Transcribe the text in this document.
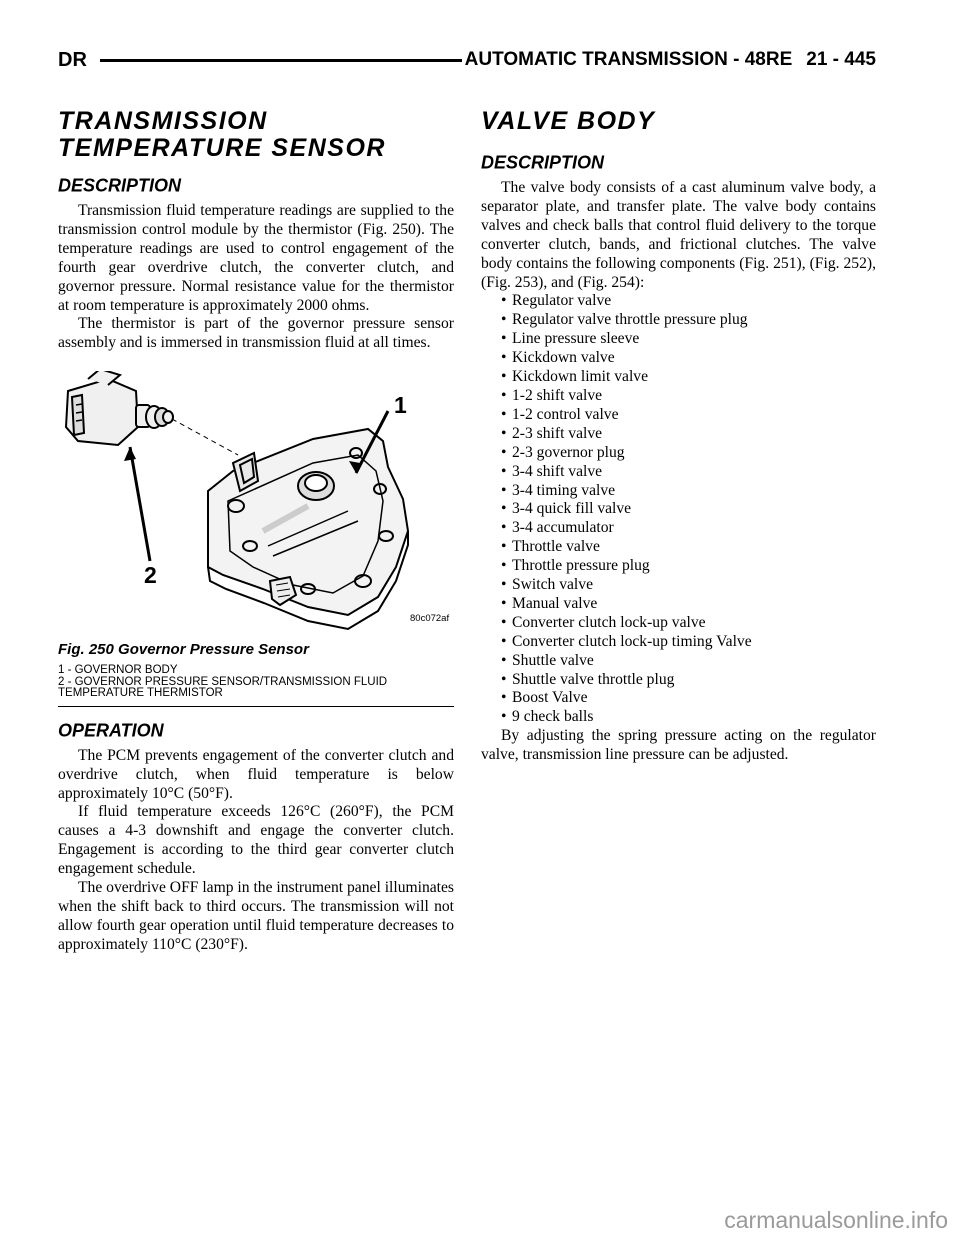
DR	AUTOMATIC TRANSMISSION - 48RE 21 - 445
TRANSMISSION
TEMPERATURE SENSOR
DESCRIPTION

Transmission fluid temperature readings are supplied to the transmission control module by the thermistor (Fig. 250). The temperature readings are used to control engagement of the fourth gear overdrive clutch, the converter clutch, and governor pressure. Normal resistance value for the thermistor at room temperature is approximately 2000 ohms.

The thermistor is part of the governor pressure sensor assembly and is immersed in transmission fluid at all times.

1
2
80c072af
Fig. 250 Governor Pressure Sensor
1 - GOVERNOR BODY
2 - GOVERNOR PRESSURE SENSOR/TRANSMISSION FLUID TEMPERATURE THERMISTOR
OPERATION

The PCM prevents engagement of the converter clutch and overdrive clutch, when fluid temperature is below approximately 10°C (50°F).

If fluid temperature exceeds 126°C (260°F), the PCM causes a 4-3 downshift and engage the converter clutch. Engagement is according to the third gear converter clutch engagement schedule.

The overdrive OFF lamp in the instrument panel illuminates when the shift back to third occurs. The transmission will not allow fourth gear operation until fluid temperature decreases to approximately 110°C (230°F).

VALVE BODY
DESCRIPTION

The valve body consists of a cast aluminum valve body, a separator plate, and transfer plate. The valve body contains valves and check balls that control fluid delivery to the torque converter clutch, bands, and frictional clutches. The valve body contains the following components (Fig. 251), (Fig. 252), (Fig. 253), and (Fig. 254):

• Regulator valve
• Regulator valve throttle pressure plug
• Line pressure sleeve
• Kickdown valve
• Kickdown limit valve
• 1-2 shift valve
• 1-2 control valve
• 2-3 shift valve
• 2-3 governor plug
• 3-4 shift valve
• 3-4 timing valve
• 3-4 quick fill valve
• 3-4 accumulator
• Throttle valve
• Throttle pressure plug
• Switch valve
• Manual valve
• Converter clutch lock-up valve
• Converter clutch lock-up timing Valve
• Shuttle valve
• Shuttle valve throttle plug
• Boost Valve
• 9 check balls

By adjusting the spring pressure acting on the regulator valve, transmission line pressure can be adjusted.

carmanualsonline.info
